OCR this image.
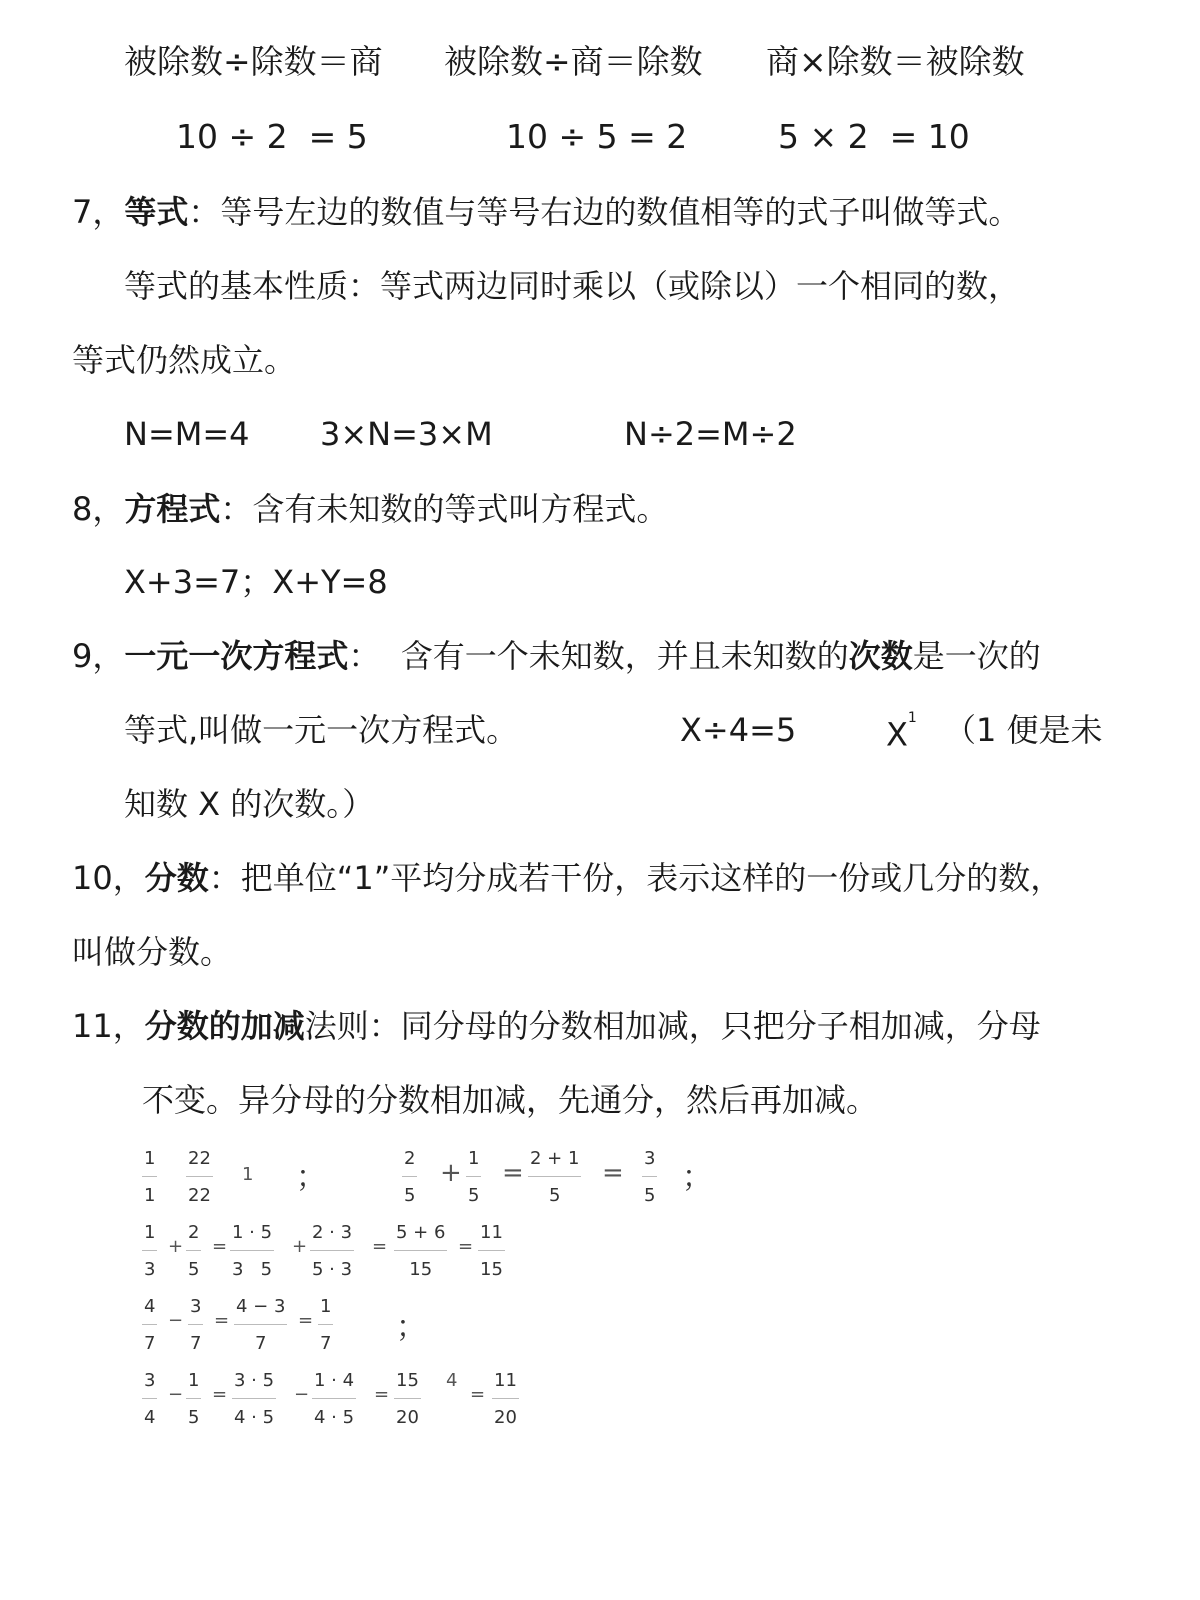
被除数÷除数＝商 被除数÷商＝除数 商×除数＝被除数
10 ÷ 2  = 5	10 ÷ 5 = 2	5 × 2  = 10
7，等式：等号左边的数值与等号右边的数值相等的式子叫做等式。
等式的基本性质：等式两边同时乘以（或除以）一个相同的数，
等式仍然成立。
N=M=4 3×N=3×M	N÷2=M÷2
8，方程式：含有未知数的等式叫方程式。
X+3=7；X+Y=8
9，一元一次方程式：  含有一个未知数，并且未知数的次数是一次的
等式,叫做一元一次方程式。	X÷4=5	$X^1$ （1 便是未
知数 X 的次数。）
10，分数：把单位“1”平均分成若干份，表示这样的一份或几分的数，
叫做分数。
11，分数的加减法则：同分母的分数相加减，只把分子相加减，分母
不变。异分母的分数相加减，先通分，然后再加减。
1
1
22
22
1 ；
2
5
+ 1
5
= 2 + 1
5
= 3
5
；
1
3
+
2
5
=
1 · 5
3   5
+
2 · 3
5 · 3
=
5 + 6
15
=
11
15
4
7
−
3
7
=
4 − 3
7
=
1
7 ；
3
4
−
1
5
=
3 · 5
4 · 5
−
1 · 4
4 · 5
=
15
20
4
=
11
20
